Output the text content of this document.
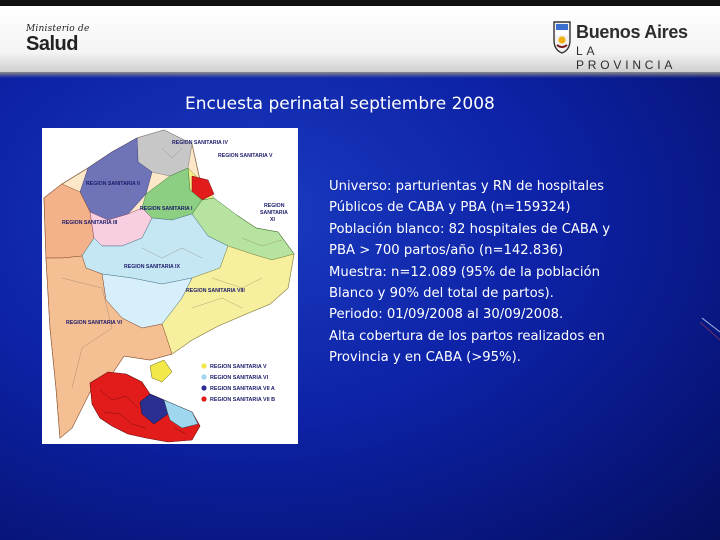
Ministerio de
Salud
Buenos Aires
LA PROVINCIA
Encuesta perinatal septiembre 2008
REGION SANITARIA IV
REGION SANITARIA V
REGION SANITARIA II
REGION SANITARIA III
REGION SANITARIA I
REGION SANITARIA IX
REGION
SANITARIA
XI
REGION SANITARIA VIII
REGION SANITARIA VI
REGION SANITARIA V
REGION SANITARIA VI
REGION SANITARIA VII A
REGION SANITARIA VII B
Universo: parturientas y RN de hospitales
Públicos de CABA y PBA (n=159324)
Población blanco: 82 hospitales de CABA y
PBA > 700 partos/año (n=142.836)
Muestra: n=12.089 (95% de la población
Blanco y 90% del total de partos).
Periodo: 01/09/2008 al 30/09/2008.
Alta cobertura de los partos realizados en
Provincia y en CABA (>95%).
